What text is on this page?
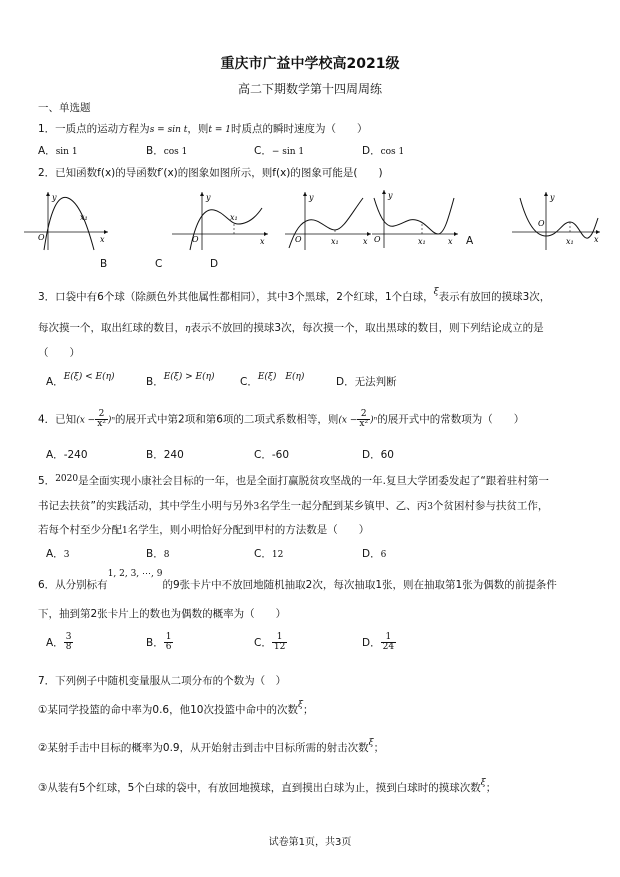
重庆市广益中学校高2021级
高二下期数学第十四周周练
一、单选题
1．一质点的运动方程为s = sin t，则t = 1时质点的瞬时速度为（　　）
A．sin 1	B．cos 1	C．− sin 1	D．cos 1
2．已知函数f(x)的导函数f′(x)的图象如图所示，则f(x)的图象可能是(　　)
y
x
O
x₁
y
x
O
x₁
y
x
O	x₁
y
x
O	x₁	A
y
x
O
x₁
B	C	D
3．口袋中有6个球（除颜色外其他属性都相同），其中3个黑球，2个红球，1个白球，ξ表示有放回的摸球3次，
每次摸一个，取出红球的数目，η表示不放回的摸球3次，每次摸一个，取出黑球的数目，则下列结论成立的是
（　　）
A．E(ξ) < E(η)	B．E(ξ) > E(η) C．E(ξ)　E(η)	D．无法判断
4．已知$(x - \frac{2}{\text{x²}} )^n$的展开式中第2项和第6项的二项式系数相等，则$(x - \frac{2}{\text{x²}} )^n$的展开式中的常数项为（　　）
A．-240	B．240	C．-60	D．60
5．2020是全面实现小康社会目标的一年，也是全面打赢脱贫攻坚战的一年.复旦大学团委发起了“跟着驻村第一
书记去扶贫”的实践活动，其中学生小明与另外3名学生一起分配到某乡镇甲、乙、丙3个贫困村参与扶贫工作，
若每个村至少分配1名学生，则小明恰好分配到甲村的方法数是（　　）
A．3	B．8	C．12	D．6
6．从分别标有1, 2, 3, ⋯, 9的9张卡片中不放回地随机抽取2次，每次抽取1张，则在抽取第1张为偶数的前提条件
下，抽到第2张卡片上的数也为偶数的概率为（　　）
A． $\frac{3}{8}$	B． $\frac{1}{6}$	C． $\frac{1}{12}$	D． $\frac{1}{24}$
7．下列例子中随机变量服从二项分布的个数为（　）
①某同学投篮的命中率为0.6，他10次投篮中命中的次数ξ；
②某射手击中目标的概率为0.9，从开始射击到击中目标所需的射击次数ξ；
③从装有5个红球，5个白球的袋中，有放回地摸球，直到摸出白球为止，摸到白球时的摸球次数ξ；
试卷第1页，共3页
